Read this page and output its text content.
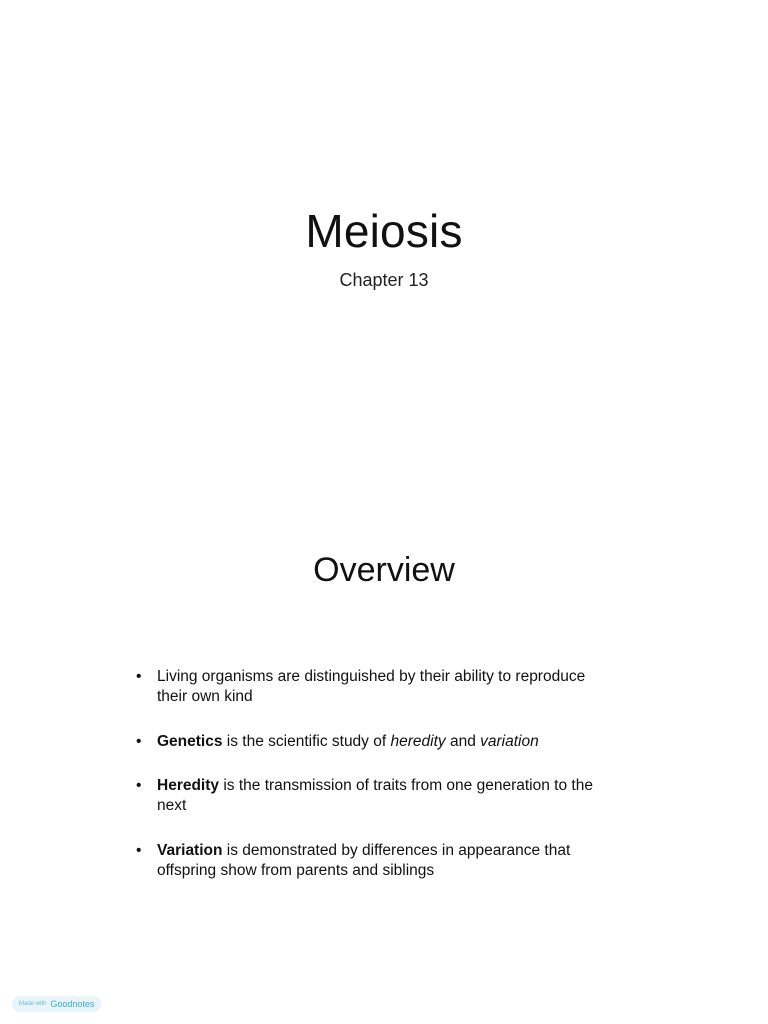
Meiosis
Chapter 13
Overview
• Living organisms are distinguished by their ability to reproduce their own kind
• Genetics is the scientific study of heredity and variation
• Heredity is the transmission of traits from one generation to the next
• Variation is demonstrated by differences in appearance that offspring show from parents and siblings
Made with Goodnotes
